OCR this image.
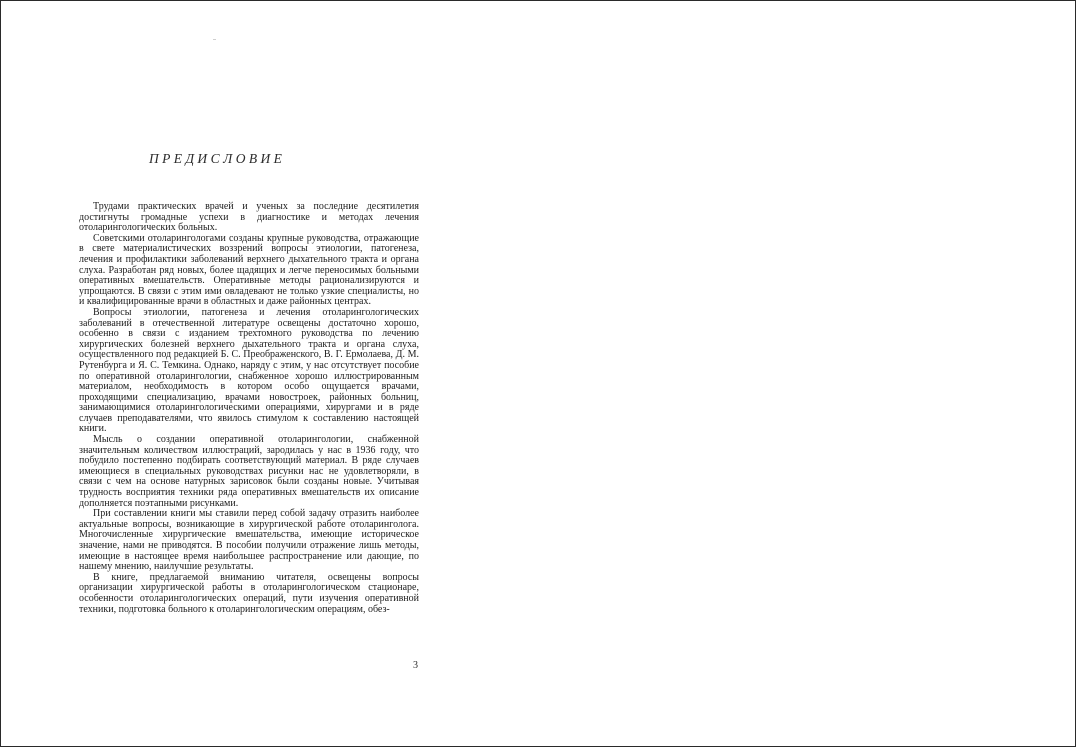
ПРЕДИСЛОВИЕ

Трудами практических врачей и ученых за последние десятилетия достигнуты громадные успехи в диагностике и методах лечения отоларингологических больных.

Советскими отоларингологами созданы крупные руководства, отражающие в свете материалистических воззрений вопросы этиологии, патогенеза, лечения и профилактики заболеваний верхнего дыхательного тракта и органа слуха. Разработан ряд новых, более щадящих и легче переносимых больными оперативных вмешательств. Оперативные методы рационализируются и упрощаются. В связи с этим ими овладевают не только узкие специалисты, но и квалифицированные врачи в областных и даже районных центрах.

Вопросы этиологии, патогенеза и лечения отоларингологических заболеваний в отечественной литературе освещены достаточно хорошо, особенно в связи с изданием трехтомного руководства по лечению хирургических болезней верхнего дыхательного тракта и органа слуха, осуществленного под редакцией Б. С. Преображенского, В. Г. Ермолаева, Д. М. Рутенбурга и Я. С. Темкина. Однако, наряду с этим, у нас отсутствует пособие по оперативной отоларингологии, снабженное хорошо иллюстрированным материалом, необходимость в котором особо ощущается врачами, проходящими специализацию, врачами новостроек, районных больниц, занимающимися отоларингологическими операциями, хирургами и в ряде случаев преподавателями, что явилось стимулом к составлению настоящей книги.

Мысль о создании оперативной отоларингологии, снабженной значительным количеством иллюстраций, зародилась у нас в 1936 году, что побудило постепенно подбирать соответствующий материал. В ряде случаев имеющиеся в специальных руководствах рисунки нас не удовлетворяли, в связи с чем на основе натурных зарисовок были созданы новые. Учитывая трудность восприятия техники ряда оперативных вмешательств их описание дополняется поэтапными рисунками.

При составлении книги мы ставили перед собой задачу отразить наиболее актуальные вопросы, возникающие в хирургической работе отоларинголога. Многочисленные хирургические вмешательства, имеющие историческое значение, нами не приводятся. В пособии получили отражение лишь методы, имеющие в настоящее время наибольшее распространение или дающие, по нашему мнению, наилучшие результаты.

В книге, предлагаемой вниманию читателя, освещены вопросы организации хирургической работы в отоларингологическом стационаре, особенности отоларингологических операций, пути изучения оперативной техники, подготовка больного к отоларингологическим операциям, обез-

3
